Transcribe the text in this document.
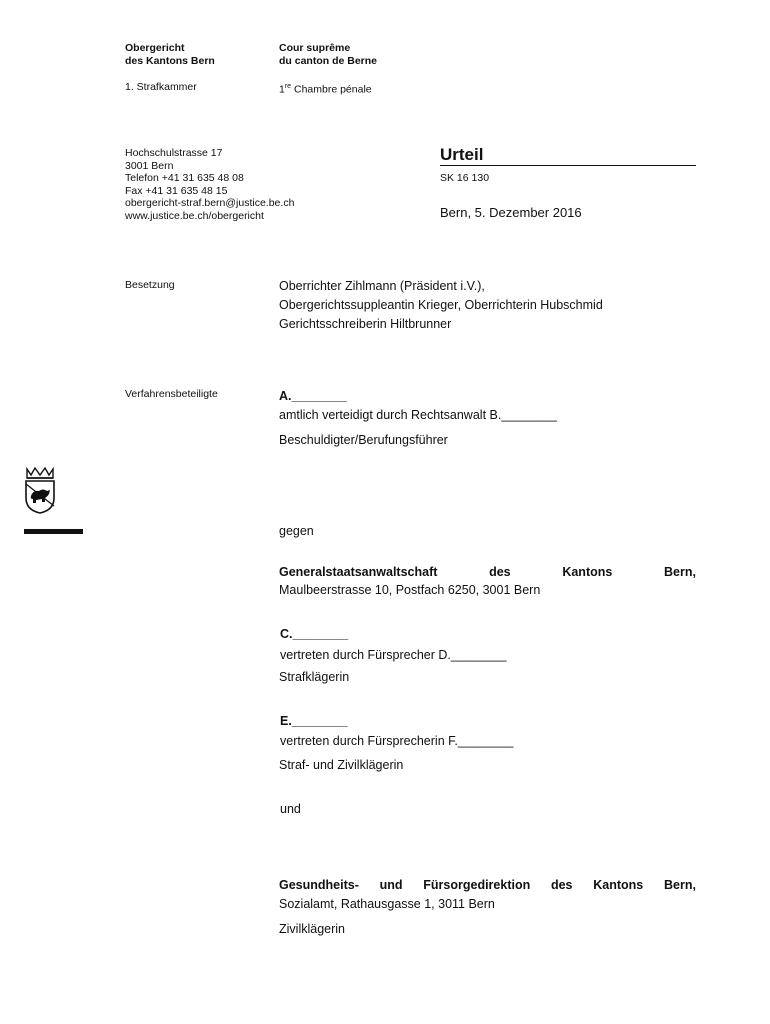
Obergericht
des Kantons Bern
Cour suprême
du canton de Berne
1. Strafkammer	1re Chambre pénale
Hochschulstrasse 17
3001 Bern
Telefon +41 31 635 48 08
Fax +41 31 635 48 15
obergericht-straf.bern@justice.be.ch
www.justice.be.ch/obergericht
Urteil
SK 16 130
Bern, 5. Dezember 2016
Besetzung	Oberrichter Zihlmann (Präsident i.V.),
Obergerichtssuppleantin Krieger, Oberrichterin Hubschmid
Gerichtsschreiberin Hiltbrunner
Verfahrensbeteiligte	A.________
amtlich verteidigt durch Rechtsanwalt B.________
Beschuldigter/Berufungsführer
gegen
Generalstaatsanwaltschaft	des	Kantons	Bern,
Maulbeerstrasse 10, Postfach 6250, 3001 Bern
C.________
vertreten durch Fürsprecher D.________
Strafklägerin
E.________
vertreten durch Fürsprecherin F.________
Straf- und Zivilklägerin
und
Gesundheits- und Fürsorgedirektion des Kantons Bern,
Sozialamt, Rathausgasse 1, 3011 Bern
Zivilklägerin
